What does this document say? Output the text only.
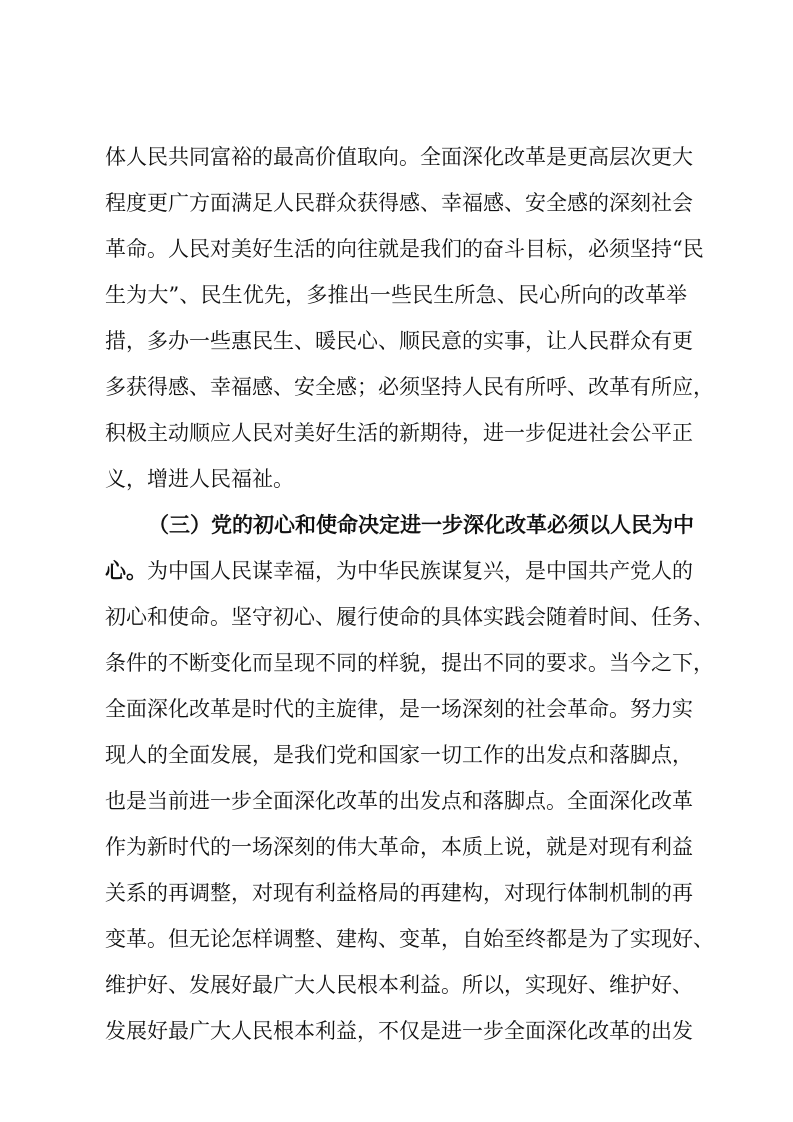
体人民共同富裕的最高价值取向。全面深化改革是更高层次更大
程度更广方面满足人民群众获得感、幸福感、安全感的深刻社会
革命。人民对美好生活的向往就是我们的奋斗目标，必须坚持“民
生为大”、民生优先，多推出一些民生所急、民心所向的改革举
措，多办一些惠民生、暖民心、顺民意的实事，让人民群众有更
多获得感、幸福感、安全感；必须坚持人民有所呼、改革有所应，
积极主动顺应人民对美好生活的新期待，进一步促进社会公平正
义，增进人民福祉。
（三）党的初心和使命决定进一步深化改革必须以人民为中
心。为中国人民谋幸福，为中华民族谋复兴，是中国共产党人的
初心和使命。坚守初心、履行使命的具体实践会随着时间、任务、
条件的不断变化而呈现不同的样貌，提出不同的要求。当今之下，
全面深化改革是时代的主旋律，是一场深刻的社会革命。努力实
现人的全面发展，是我们党和国家一切工作的出发点和落脚点，
也是当前进一步全面深化改革的出发点和落脚点。全面深化改革
作为新时代的一场深刻的伟大革命，本质上说，就是对现有利益
关系的再调整，对现有利益格局的再建构，对现行体制机制的再
变革。但无论怎样调整、建构、变革，自始至终都是为了实现好、
维护好、发展好最广大人民根本利益。所以，实现好、维护好、
发展好最广大人民根本利益，不仅是进一步全面深化改革的出发
